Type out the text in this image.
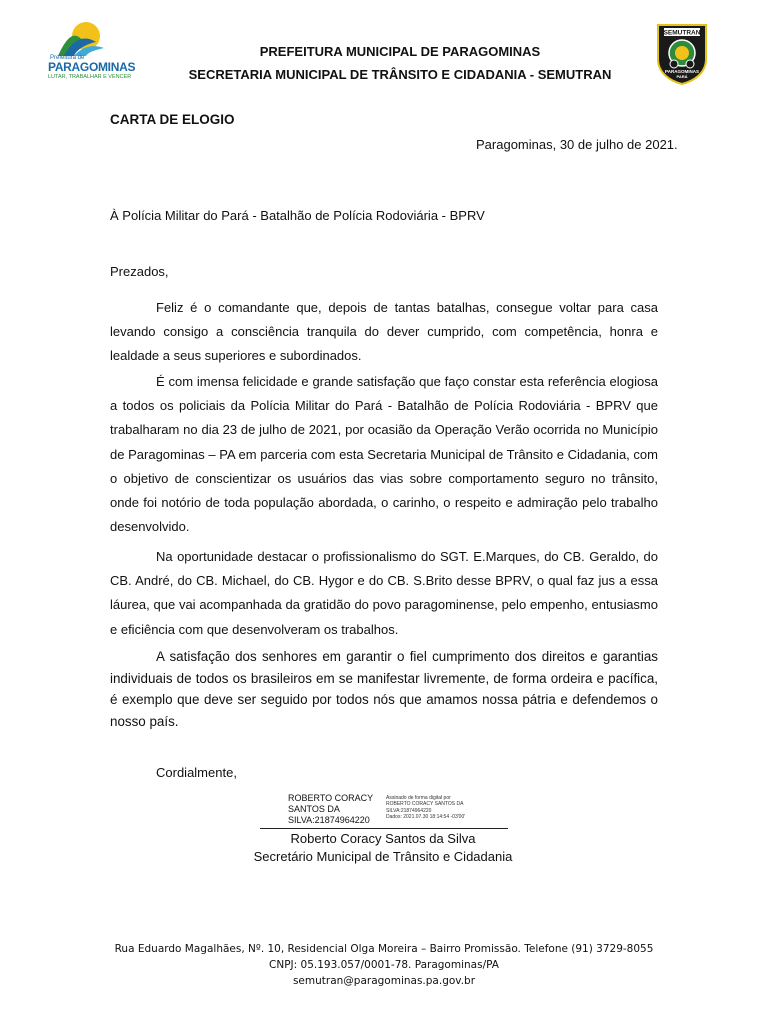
Prefeitura de
PARAGOMINAS
LUTAR, TRABALHAR E VENCER
PREFEITURA MUNICIPAL DE PARAGOMINAS
SECRETARIA MUNICIPAL DE TRÂNSITO E CIDADANIA - SEMUTRAN
SEMUTRAN
PARAGOMINAS
PARÁ
CARTA DE ELOGIO
Paragominas, 30 de julho de 2021.
À Polícia Militar do Pará - Batalhão de Polícia Rodoviária - BPRV
Prezados,
Feliz é o comandante que, depois de tantas batalhas, consegue voltar para casa levando consigo a consciência tranquila do dever cumprido, com competência, honra e lealdade a seus superiores e subordinados.
É com imensa felicidade e grande satisfação que faço constar esta referência elogiosa a todos os policiais da Polícia Militar do Pará - Batalhão de Polícia Rodoviária - BPRV que trabalharam no dia 23 de julho de 2021, por ocasião da Operação Verão ocorrida no Município de Paragominas – PA em parceria com esta Secretaria Municipal de Trânsito e Cidadania, com o objetivo de conscientizar os usuários das vias sobre comportamento seguro no trânsito, onde foi notório de toda população abordada, o carinho, o respeito e admiração pelo trabalho desenvolvido.
Na oportunidade destacar o profissionalismo do SGT. E.Marques, do CB. Geraldo, do CB. André, do CB. Michael, do CB. Hygor e do CB. S.Brito desse BPRV, o qual faz jus a essa láurea, que vai acompanhada da gratidão do povo paragominense, pelo empenho, entusiasmo e eficiência com que desenvolveram os trabalhos.
A satisfação dos senhores em garantir o fiel cumprimento dos direitos e garantias individuais de todos os brasileiros em se manifestar livremente, de forma ordeira e pacífica, é exemplo que deve ser seguido por todos nós que amamos nossa pátria e defendemos o nosso país.
Cordialmente,
ROBERTO CORACY
SANTOS DA
SILVA:21874964220
Assinado de forma digital por
ROBERTO CORACY SANTOS DA
SILVA:21874964220
Dados: 2021.07.30 18:14:54 -03'00'
Roberto Coracy Santos da Silva
Secretário Municipal de Trânsito e Cidadania
Rua Eduardo Magalhães, Nº. 10, Residencial Olga Moreira – Bairro Promissão. Telefone (91) 3729-8055
CNPJ: 05.193.057/0001-78. Paragominas/PA
semutran@paragominas.pa.gov.br
